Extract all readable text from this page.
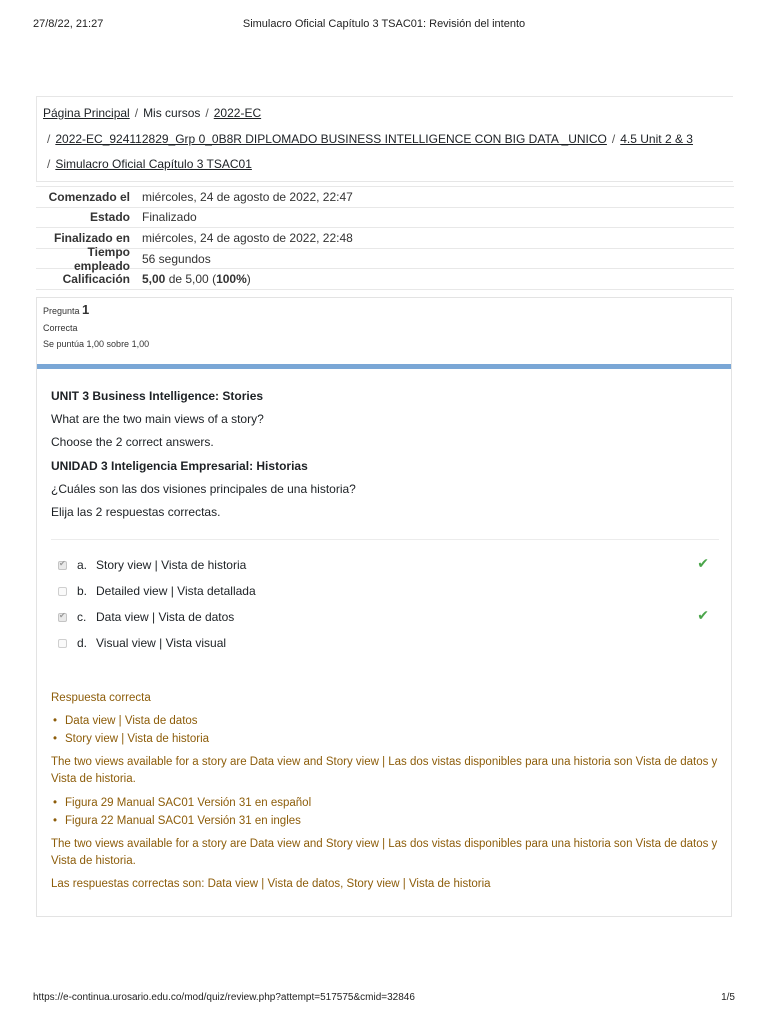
27/8/22, 21:27	Simulacro Oficial Capítulo 3 TSAC01: Revisión del intento
Página Principal / Mis cursos / 2022-EC
/ 2022-EC_924112829_Grp 0_0B8R DIPLOMADO BUSINESS INTELLIGENCE CON BIG DATA _UNICO / 4.5 Unit 2 & 3
/ Simulacro Oficial Capítulo 3 TSAC01
Comenzado el	miércoles, 24 de agosto de 2022, 22:47
Estado	Finalizado
Finalizado en	miércoles, 24 de agosto de 2022, 22:48
Tiempo empleado	56 segundos
Calificación	5,00 de 5,00 (100%)
Pregunta 1
Correcta
Se puntúa 1,00 sobre 1,00

UNIT 3 Business Intelligence: Stories

What are the two main views of a story?

Choose the 2 correct answers.

UNIDAD 3 Inteligencia Empresarial: Historias

¿Cuáles son las dos visiones principales de una historia?

Elija las 2 respuestas correctas.

✔ a. Story view | Vista de historia	✔
b. Detailed view | Vista detallada
✔ c. Data view | Vista de datos	✔
d. Visual view | Vista visual
Respuesta correcta
• Data view | Vista de datos
• Story view | Vista de historia

The two views available for a story are Data view and Story view | Las dos vistas disponibles para una historia son Vista de datos y Vista de historia.

• Figura 29 Manual SAC01 Versión 31 en español
• Figura 22 Manual SAC01 Versión 31 en ingles

The two views available for a story are Data view and Story view | Las dos vistas disponibles para una historia son Vista de datos y Vista de historia.

Las respuestas correctas son: Data view | Vista de datos, Story view | Vista de historia
https://e-continua.urosario.edu.co/mod/quiz/review.php?attempt=517575&cmid=32846	1/5
